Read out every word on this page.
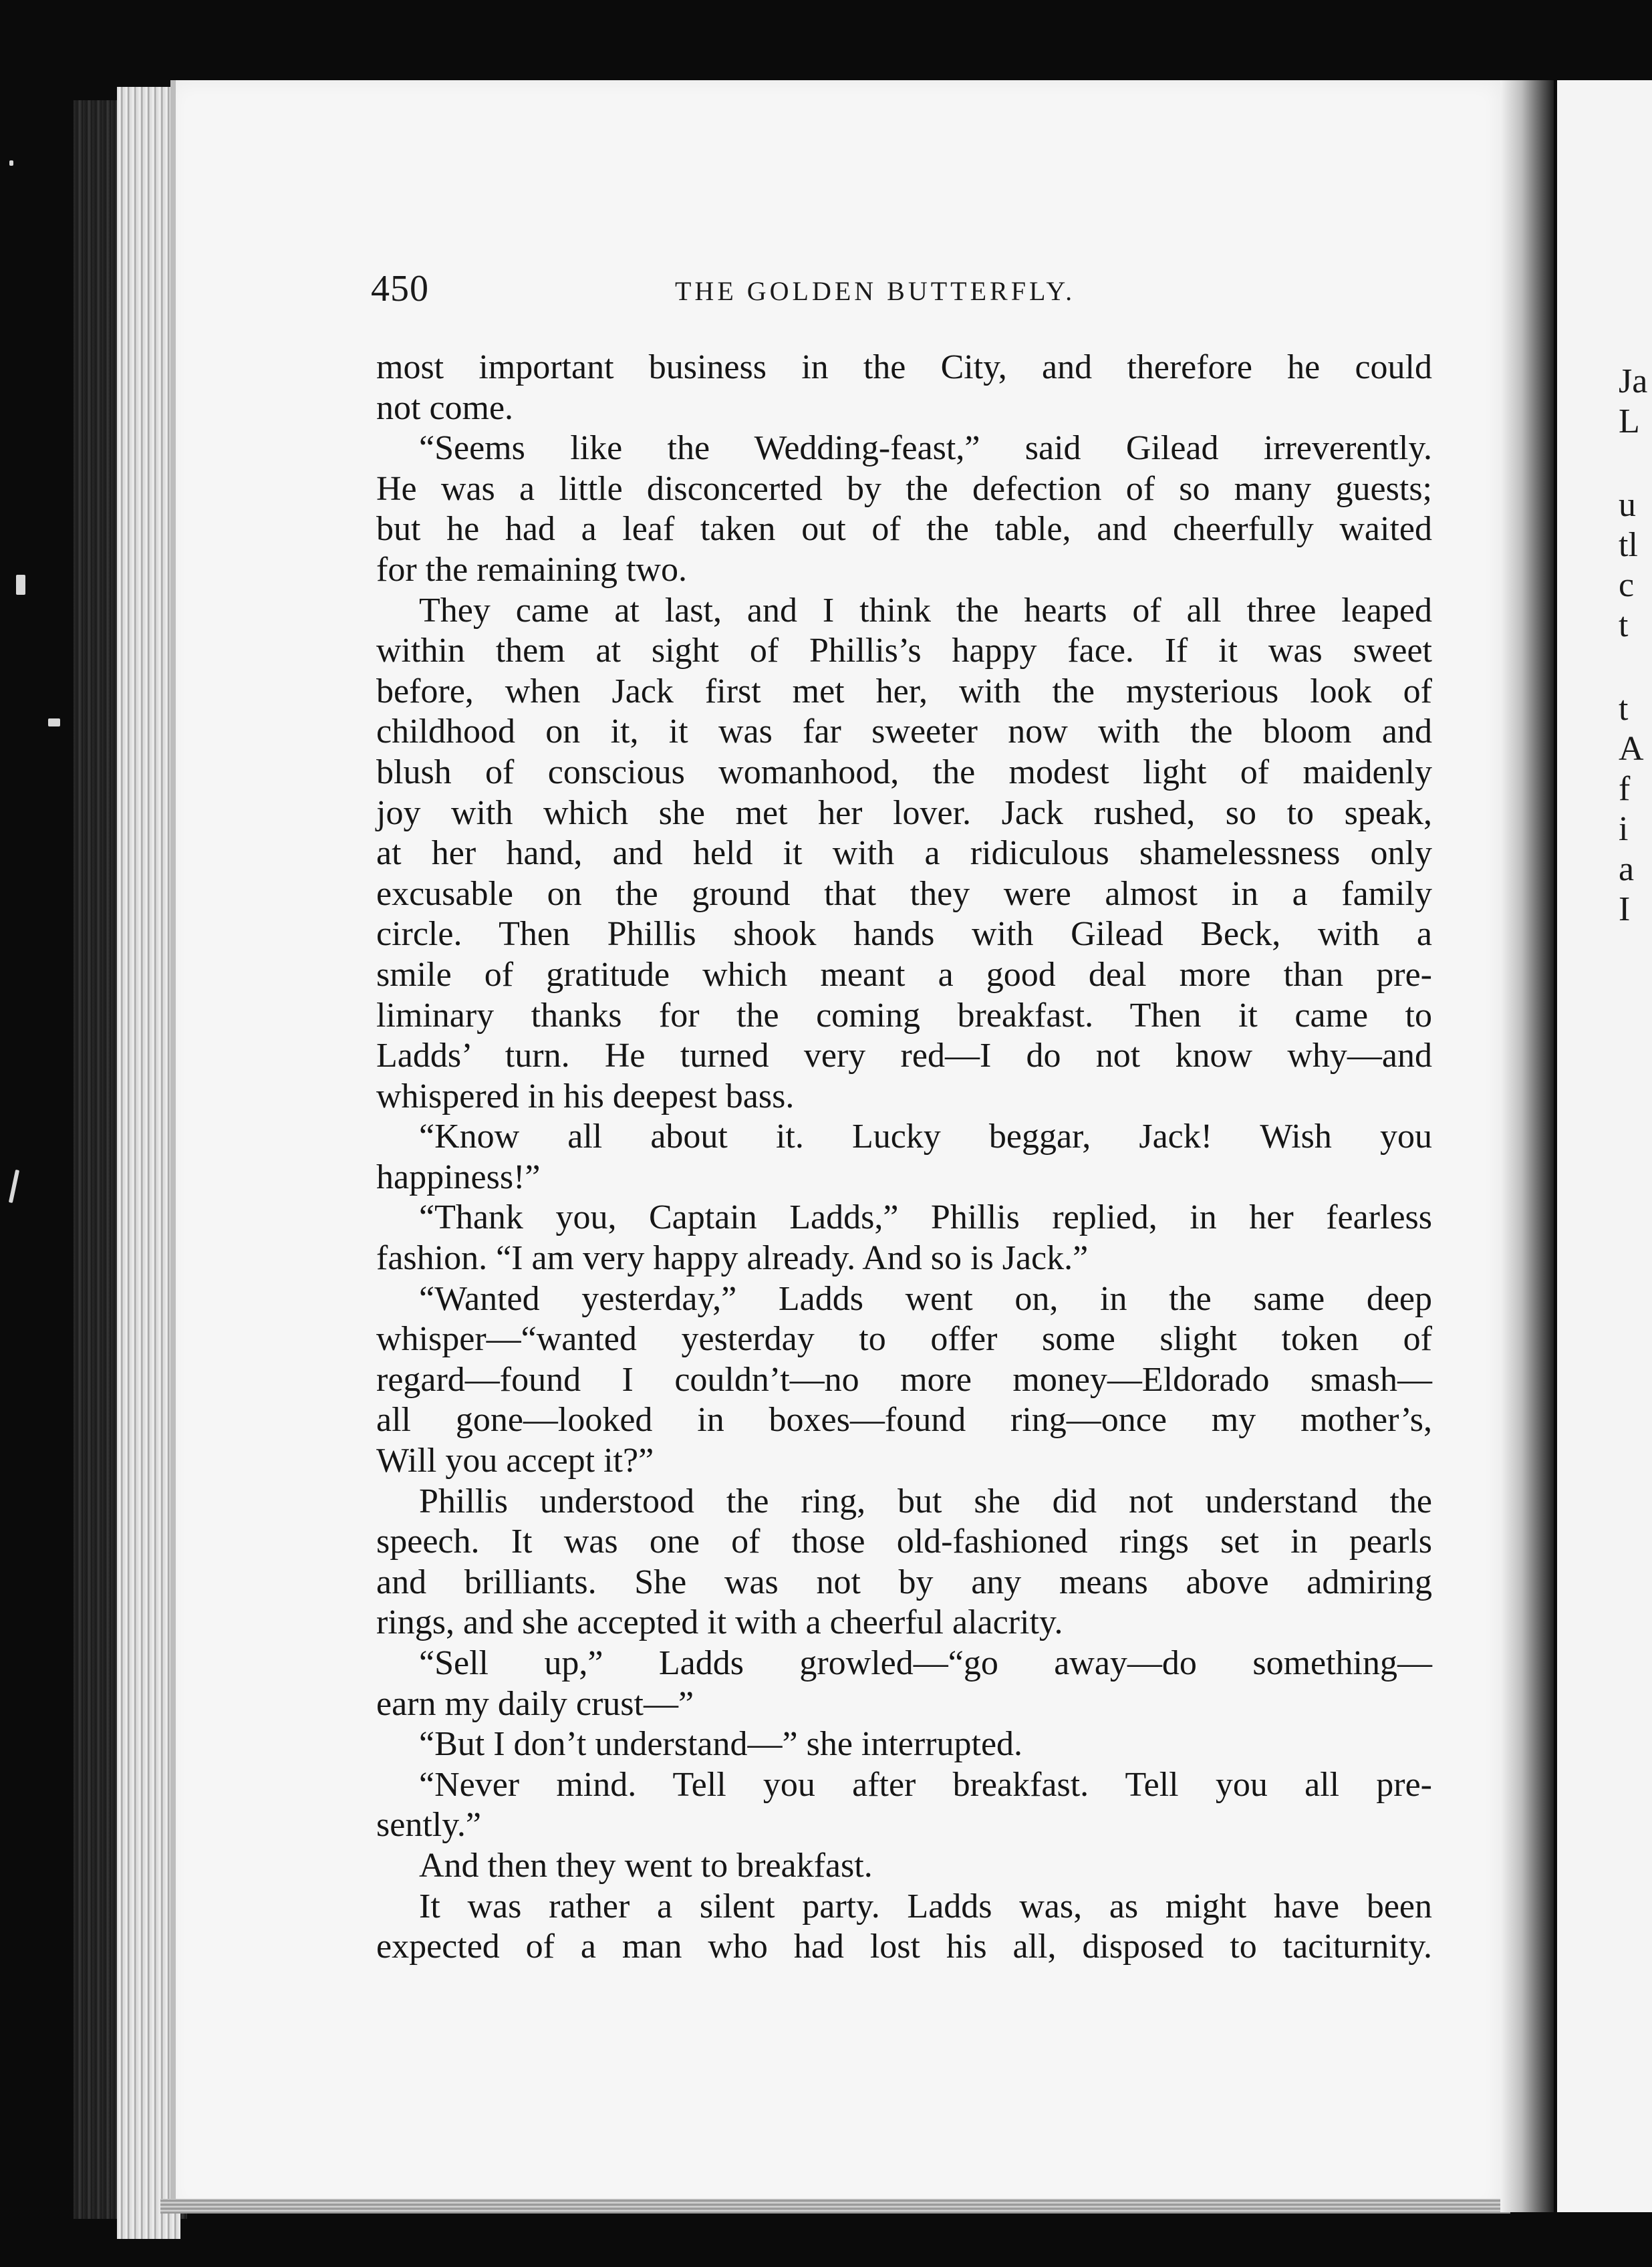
Ja
L
u
tl
c
t
t
A
f
i
a
I
450	THE GOLDEN BUTTERFLY.
most important business in the City, and therefore he could
not come.
“Seems like the Wedding-feast,” said Gilead irreverently.
He was a little disconcerted by the defection of so many guests;
but he had a leaf taken out of the table, and cheerfully waited
for the remaining two.
They came at last, and I think the hearts of all three leaped
within them at sight of Phillis’s happy face. If it was sweet
before, when Jack first met her, with the mysterious look of
childhood on it, it was far sweeter now with the bloom and
blush of conscious womanhood, the modest light of maidenly
joy with which she met her lover. Jack rushed, so to speak,
at her hand, and held it with a ridiculous shamelessness only
excusable on the ground that they were almost in a family
circle. Then Phillis shook hands with Gilead Beck, with a
smile of gratitude which meant a good deal more than pre-
liminary thanks for the coming breakfast. Then it came to
Ladds’ turn. He turned very red—I do not know why—and
whispered in his deepest bass.
“Know all about it. Lucky beggar, Jack! Wish you
happiness!”
“Thank you, Captain Ladds,” Phillis replied, in her fearless
fashion. “I am very happy already. And so is Jack.”
“Wanted yesterday,” Ladds went on, in the same deep
whisper—“wanted yesterday to offer some slight token of
regard—found I couldn’t—no more money—Eldorado smash—
all gone—looked in boxes—found ring—once my mother’s,
Will you accept it?”
Phillis understood the ring, but she did not understand the
speech. It was one of those old-fashioned rings set in pearls
and brilliants. She was not by any means above admiring
rings, and she accepted it with a cheerful alacrity.
“Sell up,” Ladds growled—“go away—do something—
earn my daily crust—”
“But I don’t understand—” she interrupted.
“Never mind. Tell you after breakfast. Tell you all pre-
sently.”
And then they went to breakfast.
It was rather a silent party. Ladds was, as might have been
expected of a man who had lost his all, disposed to taciturnity.
